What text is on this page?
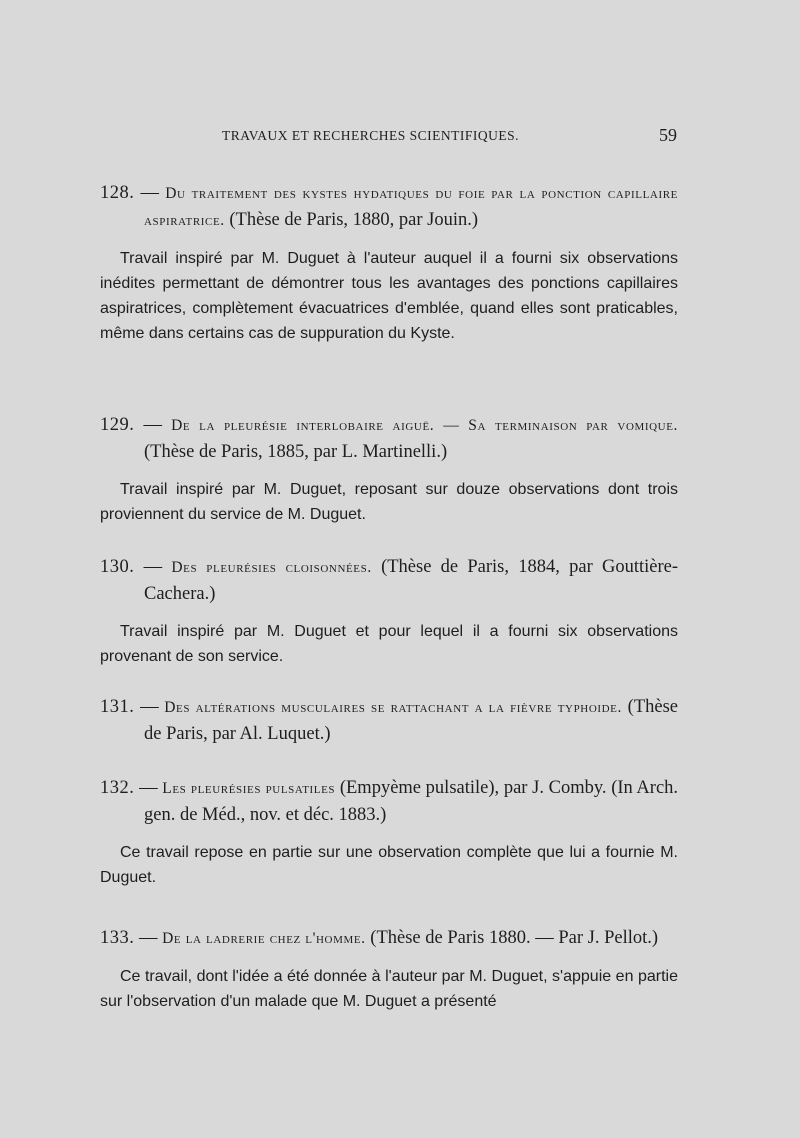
TRAVAUX ET RECHERCHES SCIENTIFIQUES.	59
128. — Du traitement des kystes hydatiques du foie par la ponction capillaire aspiratrice. (Thèse de Paris, 1880, par Jouin.)
Travail inspiré par M. Duguet à l'auteur auquel il a fourni six observations inédites permettant de démontrer tous les avantages des ponctions capillaires aspiratrices, complètement évacuatrices d'emblée, quand elles sont praticables, même dans certains cas de suppuration du Kyste.
129. — De la pleurésie interlobaire aiguë. — Sa terminaison par vomique. (Thèse de Paris, 1885, par L. Martinelli.)
Travail inspiré par M. Duguet, reposant sur douze observations dont trois proviennent du service de M. Duguet.
130. — Des pleurésies cloisonnées. (Thèse de Paris, 1884, par Gouttière-Cachera.)
Travail inspiré par M. Duguet et pour lequel il a fourni six observations provenant de son service.
131. — Des altérations musculaires se rattachant a la fièvre typhoide. (Thèse de Paris, par Al. Luquet.)
132. — Les pleurésies pulsatiles (Empyème pulsatile), par J. Comby. (In Arch. gen. de Méd., nov. et déc. 1883.)
Ce travail repose en partie sur une observation complète que lui a fournie M. Duguet.
133. — De la ladrerie chez l'homme. (Thèse de Paris 1880. — Par J. Pellot.)
Ce travail, dont l'idée a été donnée à l'auteur par M. Duguet, s'appuie en partie sur l'observation d'un malade que M. Duguet a présenté
